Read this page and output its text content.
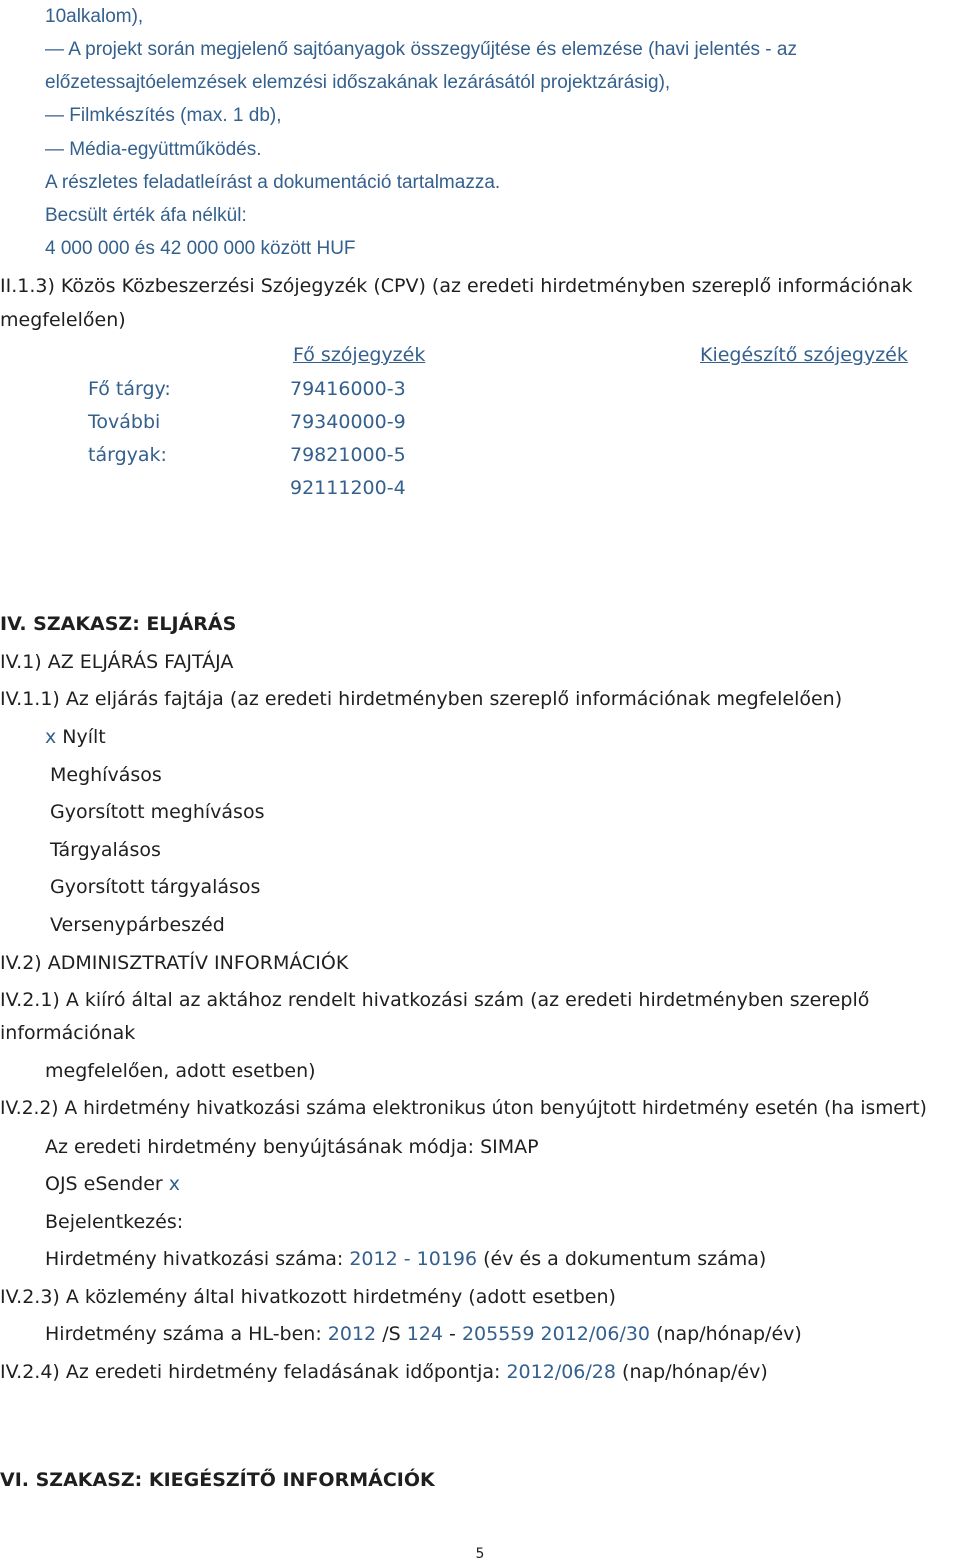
10alkalom),
— A projekt során megjelenő sajtóanyagok összegyűjtése és elemzése (havi jelentés - az
előzetessajtóelemzések elemzési időszakának lezárásától projektzárásig),
— Filmkészítés (max. 1 db),
— Média-együttműködés.
A részletes feladatleírást a dokumentáció tartalmazza.
Becsült érték áfa nélkül:
4 000 000 és 42 000 000 között HUF
II.1.3) Közös Közbeszerzési Szójegyzék (CPV) (az eredeti hirdetményben szereplő információnak
megfelelően)
Fő szójegyzék	Kiegészítő szójegyzék
Fő tárgy:
További
tárgyak:
79416000-3
79340000-9
79821000-5
92111200-4
IV. SZAKASZ: ELJÁRÁS
IV.1) AZ ELJÁRÁS FAJTÁJA
IV.1.1) Az eljárás fajtája (az eredeti hirdetményben szereplő információnak megfelelően)
x Nyílt
Meghívásos
Gyorsított meghívásos
Tárgyalásos
Gyorsított tárgyalásos
Versenypárbeszéd
IV.2) ADMINISZTRATÍV INFORMÁCIÓK
IV.2.1) A kiíró által az aktához rendelt hivatkozási szám (az eredeti hirdetményben szereplő
információnak
megfelelően, adott esetben)
IV.2.2) A hirdetmény hivatkozási száma elektronikus úton benyújtott hirdetmény esetén (ha ismert)
Az eredeti hirdetmény benyújtásának módja: SIMAP
OJS eSender x
Bejelentkezés:
Hirdetmény hivatkozási száma: 2012 - 10196 (év és a dokumentum száma)
IV.2.3) A közlemény által hivatkozott hirdetmény (adott esetben)
Hirdetmény száma a HL-ben: 2012 /S 124 - 205559 2012/06/30 (nap/hónap/év)
IV.2.4) Az eredeti hirdetmény feladásának időpontja: 2012/06/28 (nap/hónap/év)
VI. SZAKASZ: KIEGÉSZÍTŐ INFORMÁCIÓK
5
